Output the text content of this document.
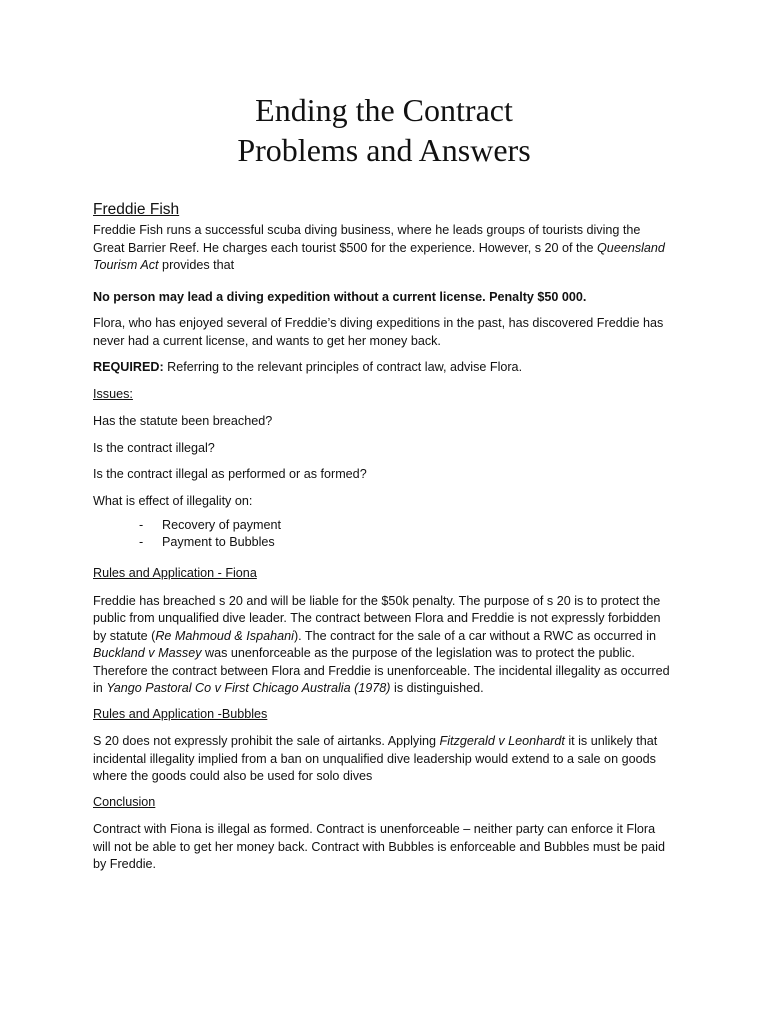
Ending the Contract
Problems and Answers
Freddie Fish

Freddie Fish runs a successful scuba diving business, where he leads groups of tourists diving the Great Barrier Reef. He charges each tourist $500 for the experience. However, s 20 of the Queensland Tourism Act provides that

No person may lead a diving expedition without a current license. Penalty $50 000.

Flora, who has enjoyed several of Freddie’s diving expeditions in the past, has discovered Freddie has never had a current license, and wants to get her money back.

REQUIRED: Referring to the relevant principles of contract law, advise Flora.

Issues:

Has the statute been breached?

Is the contract illegal?

Is the contract illegal as performed or as formed?

What is effect of illegality on:

- Recovery of payment
- Payment to Bubbles

Rules and Application - Fiona

Freddie has breached s 20 and will be liable for the $50k penalty. The purpose of s 20 is to protect the public from unqualified dive leader. The contract between Flora and Freddie is not expressly forbidden by statute (Re Mahmoud & Ispahani). The contract for the sale of a car without a RWC as occurred in Buckland v Massey was unenforceable as the purpose of the legislation was to protect the public. Therefore the contract between Flora and Freddie is unenforceable. The incidental illegality as occurred in Yango Pastoral Co v First Chicago Australia (1978) is distinguished.

Rules and Application -Bubbles

S 20 does not expressly prohibit the sale of airtanks. Applying Fitzgerald v Leonhardt it is unlikely that incidental illegality implied from a ban on unqualified dive leadership would extend to a sale on goods where the goods could also be used for solo dives

Conclusion

Contract with Fiona is illegal as formed. Contract is unenforceable – neither party can enforce it Flora will not be able to get her money back. Contract with Bubbles is enforceable and Bubbles must be paid by Freddie.
